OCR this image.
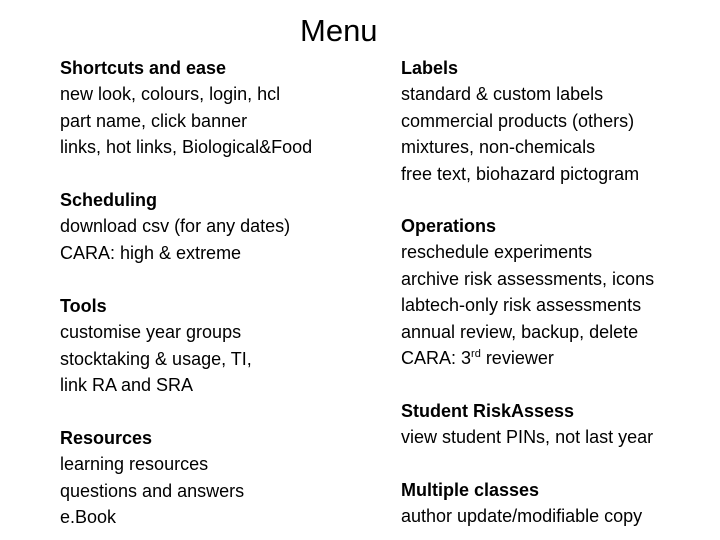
Menu
Shortcuts and ease
new look, colours, login, hcl
part name, click banner
links, hot links, Biological&Food
Scheduling
download csv (for any dates)
CARA: high & extreme
Tools
customise year groups
stocktaking & usage, TI,
link RA and SRA
Resources
learning resources
questions and answers
e.Book
Labels
standard & custom labels
commercial products (others)
mixtures, non-chemicals
free text, biohazard pictogram
Operations
reschedule experiments
archive risk assessments, icons
labtech-only risk assessments
annual review, backup, delete
CARA: 3rd reviewer
Student RiskAssess
view student PINs, not last year
Multiple classes
author update/modifiable copy
